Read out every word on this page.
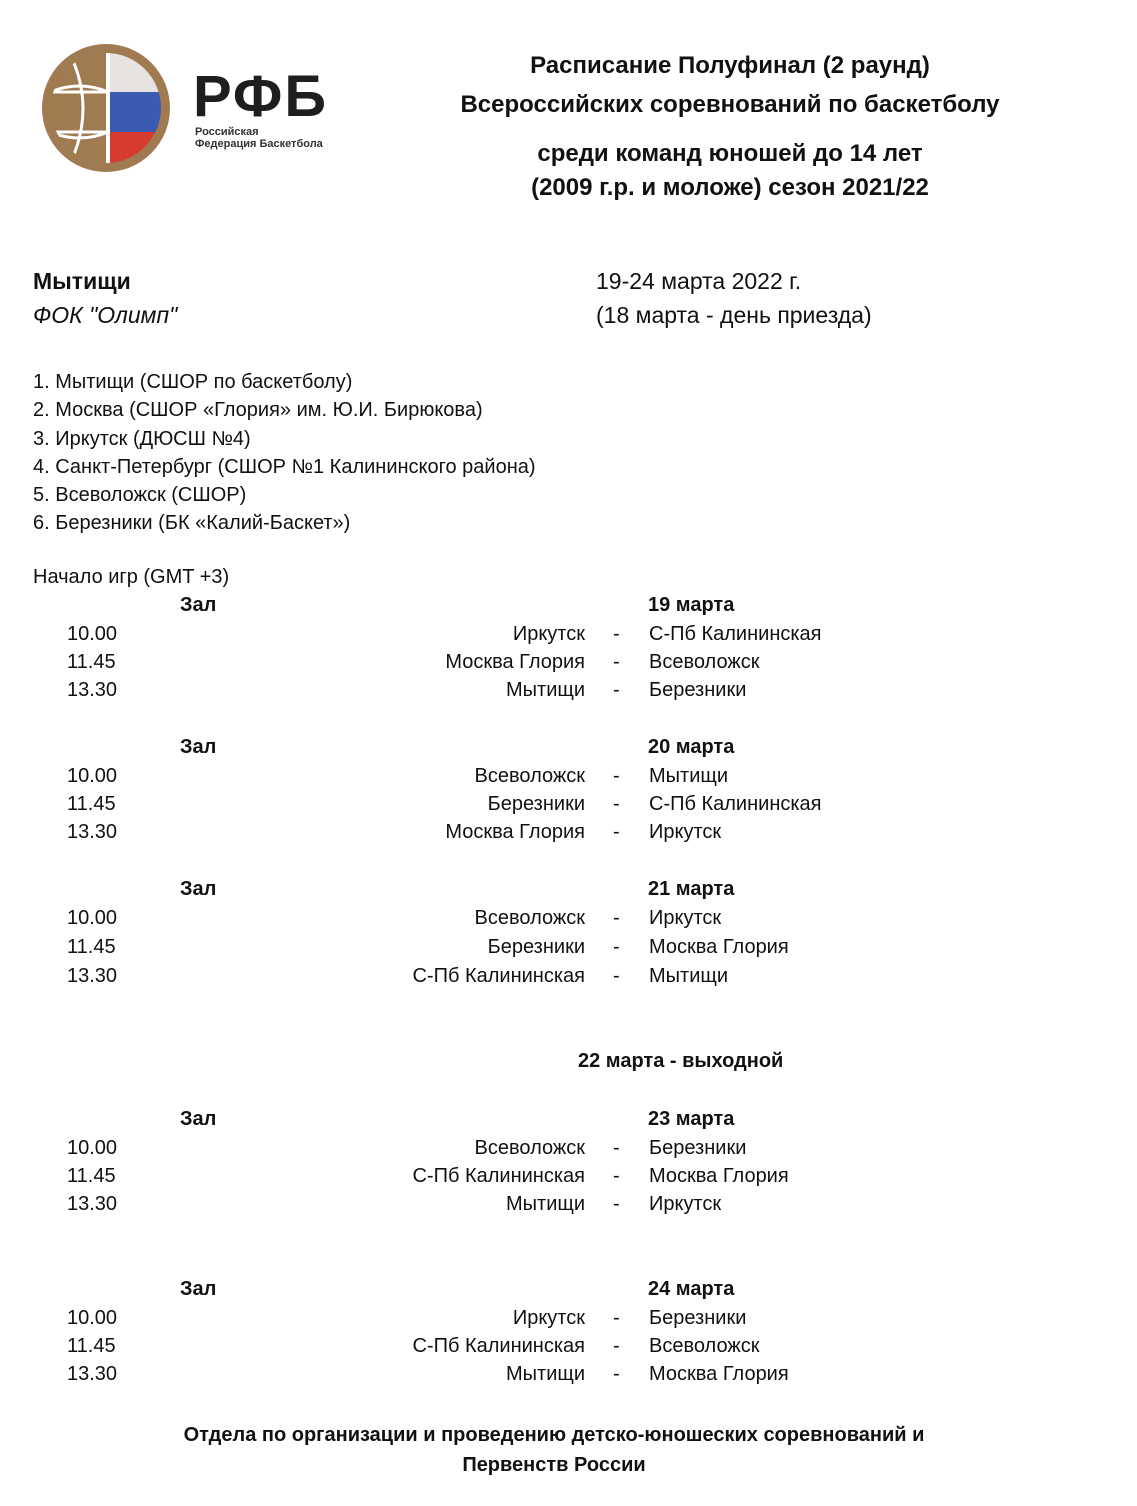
РФБ
Российская
Федерация Баскетбола
Расписание Полуфинал (2 раунд)
Всероссийских соревнований по баскетболу
среди команд юношей до 14 лет
(2009 г.р. и моложе) сезон 2021/22
Мытищи
ФОК "Олимп"
19-24 марта 2022 г.
(18 марта - день приезда)
1. Мытищи (СШОР по баскетболу)
2. Москва (СШОР «Глория» им. Ю.И. Бирюкова)
3. Иркутск (ДЮСШ №4)
4. Санкт-Петербург (СШОР №1 Калининского района)
5. Всеволожск (СШОР)
6. Березники (БК «Калий-Баскет»)
Начало игр (GMT +3)
Зал	19 марта
10.00	Иркутск - С-Пб Калининская
11.45	Москва Глория - Всеволожск
13.30	Мытищи - Березники
Зал	20 марта
10.00	Всеволожск - Мытищи
11.45	Березники - С-Пб Калининская
13.30	Москва Глория - Иркутск
Зал	21 марта
10.00	Всеволожск - Иркутск
11.45	Березники - Москва Глория
13.30	С-Пб Калининская - Мытищи
22 марта - выходной
Зал	23 марта
10.00	Всеволожск - Березники
11.45	С-Пб Калининская - Москва Глория
13.30	Мытищи - Иркутск
Зал	24 марта
10.00	Иркутск - Березники
11.45	С-Пб Калининская - Всеволожск
13.30	Мытищи - Москва Глория
Отдела по организации и проведению детско-юношеских соревнований и
Первенств России
